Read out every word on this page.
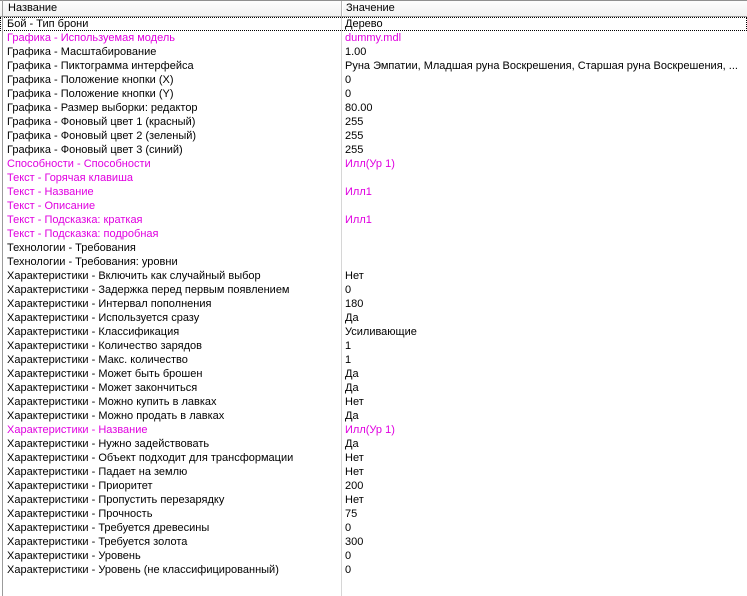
Название	Значение
Бой - Тип брони	Дерево
Графика - Используемая модель	dummy.mdl
Графика - Масштабирование	1.00
Графика - Пиктограмма интерфейса	Руна Эмпатии, Младшая руна Воскрешения, Старшая руна Воскрешения, ...
Графика - Положение кнопки (X)	0
Графика - Положение кнопки (Y)	0
Графика - Размер выборки: редактор	80.00
Графика - Фоновый цвет 1 (красный)	255
Графика - Фоновый цвет 2 (зеленый)	255
Графика - Фоновый цвет 3 (синий)	255
Способности - Способности	Илл(Ур 1)
Текст - Горячая клавиша
Текст - Название	Илл1
Текст - Описание
Текст - Подсказка: краткая	Илл1
Текст - Подсказка: подробная
Технологии - Требования
Технологии - Требования: уровни
Характеристики - Включить как случайный выбор	Нет
Характеристики - Задержка перед первым появлением	0
Характеристики - Интервал пополнения	180
Характеристики - Используется сразу	Да
Характеристики - Классификация	Усиливающие
Характеристики - Количество зарядов	1
Характеристики - Макс. количество	1
Характеристики - Может быть брошен	Да
Характеристики - Может закончиться	Да
Характеристики - Можно купить в лавках	Нет
Характеристики - Можно продать в лавках	Да
Характеристики - Название	Илл(Ур 1)
Характеристики - Нужно задействовать	Да
Характеристики - Объект подходит для трансформации	Нет
Характеристики - Падает на землю	Нет
Характеристики - Приоритет	200
Характеристики - Пропустить перезарядку	Нет
Характеристики - Прочность	75
Характеристики - Требуется древесины	0
Характеристики - Требуется золота	300
Характеристики - Уровень	0
Характеристики - Уровень (не классифицированный)	0
